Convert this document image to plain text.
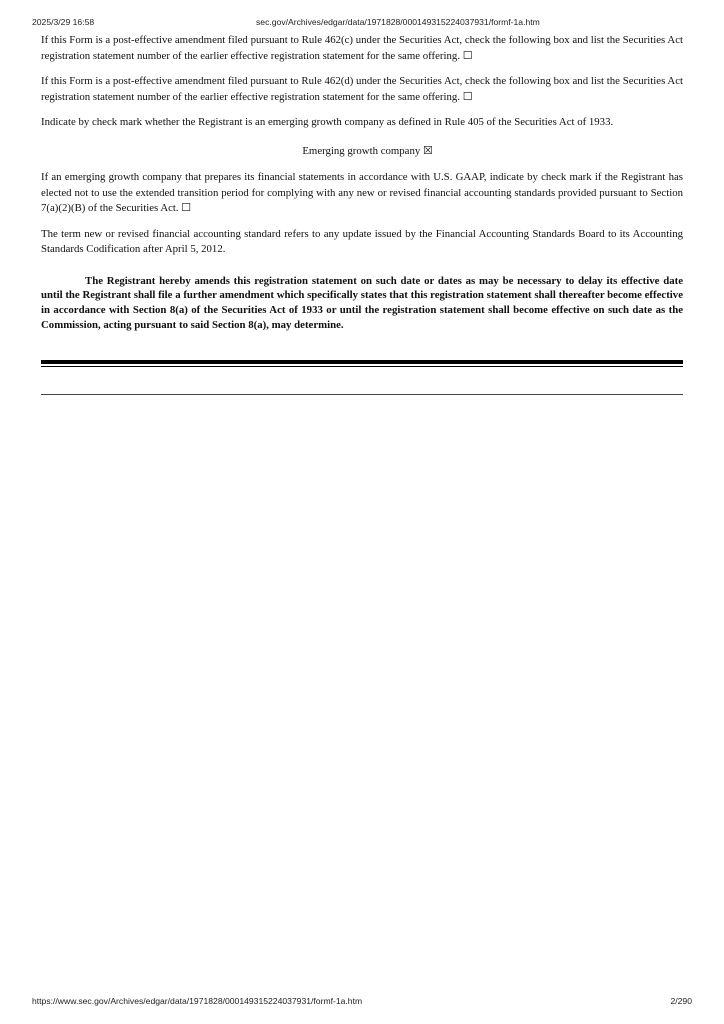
2025/3/29 16:58	sec.gov/Archives/edgar/data/1971828/000149315224037931/formf-1a.htm

If this Form is a post-effective amendment filed pursuant to Rule 462(c) under the Securities Act, check the following box and list the Securities Act registration statement number of the earlier effective registration statement for the same offering. ☐

If this Form is a post-effective amendment filed pursuant to Rule 462(d) under the Securities Act, check the following box and list the Securities Act registration statement number of the earlier effective registration statement for the same offering. ☐

Indicate by check mark whether the Registrant is an emerging growth company as defined in Rule 405 of the Securities Act of 1933.

Emerging growth company ☒

If an emerging growth company that prepares its financial statements in accordance with U.S. GAAP, indicate by check mark if the Registrant has elected not to use the extended transition period for complying with any new or revised financial accounting standards provided pursuant to Section 7(a)(2)(B) of the Securities Act. ☐

The term new or revised financial accounting standard refers to any update issued by the Financial Accounting Standards Board to its Accounting Standards Codification after April 5, 2012.

The Registrant hereby amends this registration statement on such date or dates as may be necessary to delay its effective date until the Registrant shall file a further amendment which specifically states that this registration statement shall thereafter become effective in accordance with Section 8(a) of the Securities Act of 1933 or until the registration statement shall become effective on such date as the Commission, acting pursuant to said Section 8(a), may determine.

https://www.sec.gov/Archives/edgar/data/1971828/000149315224037931/formf-1a.htm	2/290
